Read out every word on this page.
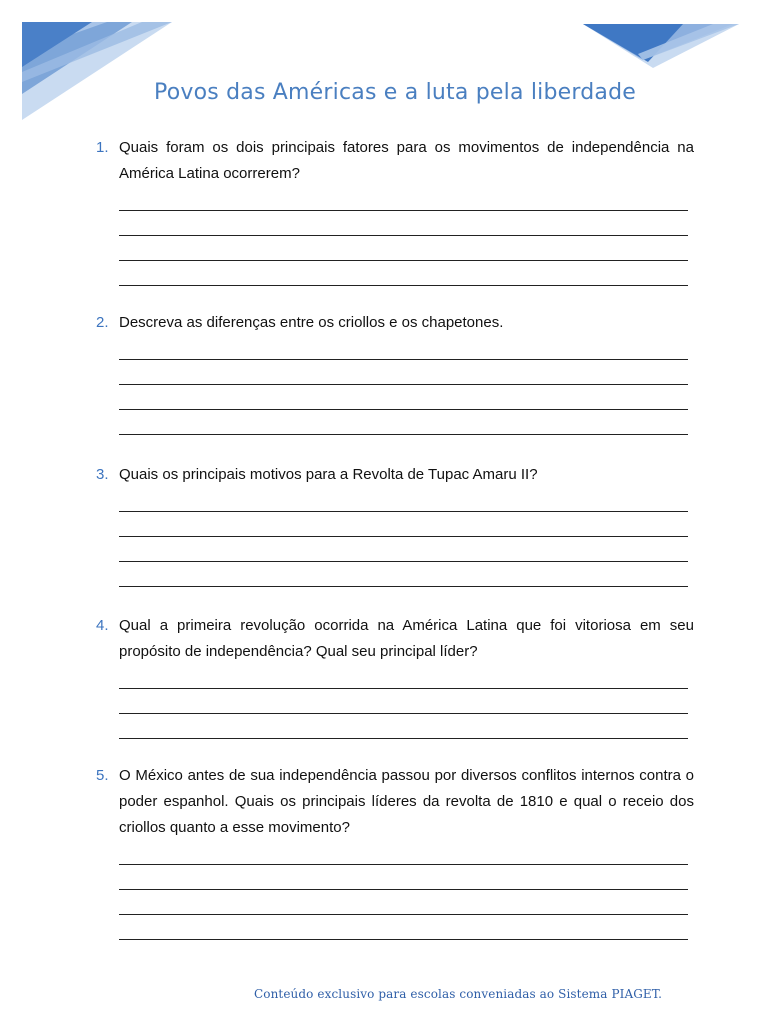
Povos das Américas e a luta pela liberdade
1. Quais foram os dois principais fatores para os movimentos de independência na América Latina ocorrerem?
2. Descreva as diferenças entre os criollos e os chapetones.
3. Quais os principais motivos para a Revolta de Tupac Amaru II?
4. Qual a primeira revolução ocorrida na América Latina que foi vitoriosa em seu propósito de independência? Qual seu principal líder?
5. O México antes de sua independência passou por diversos conflitos internos contra o poder espanhol. Quais os principais líderes da revolta de 1810 e qual o receio dos criollos quanto a esse movimento?
Conteúdo exclusivo para escolas conveniadas ao Sistema PIAGET.
